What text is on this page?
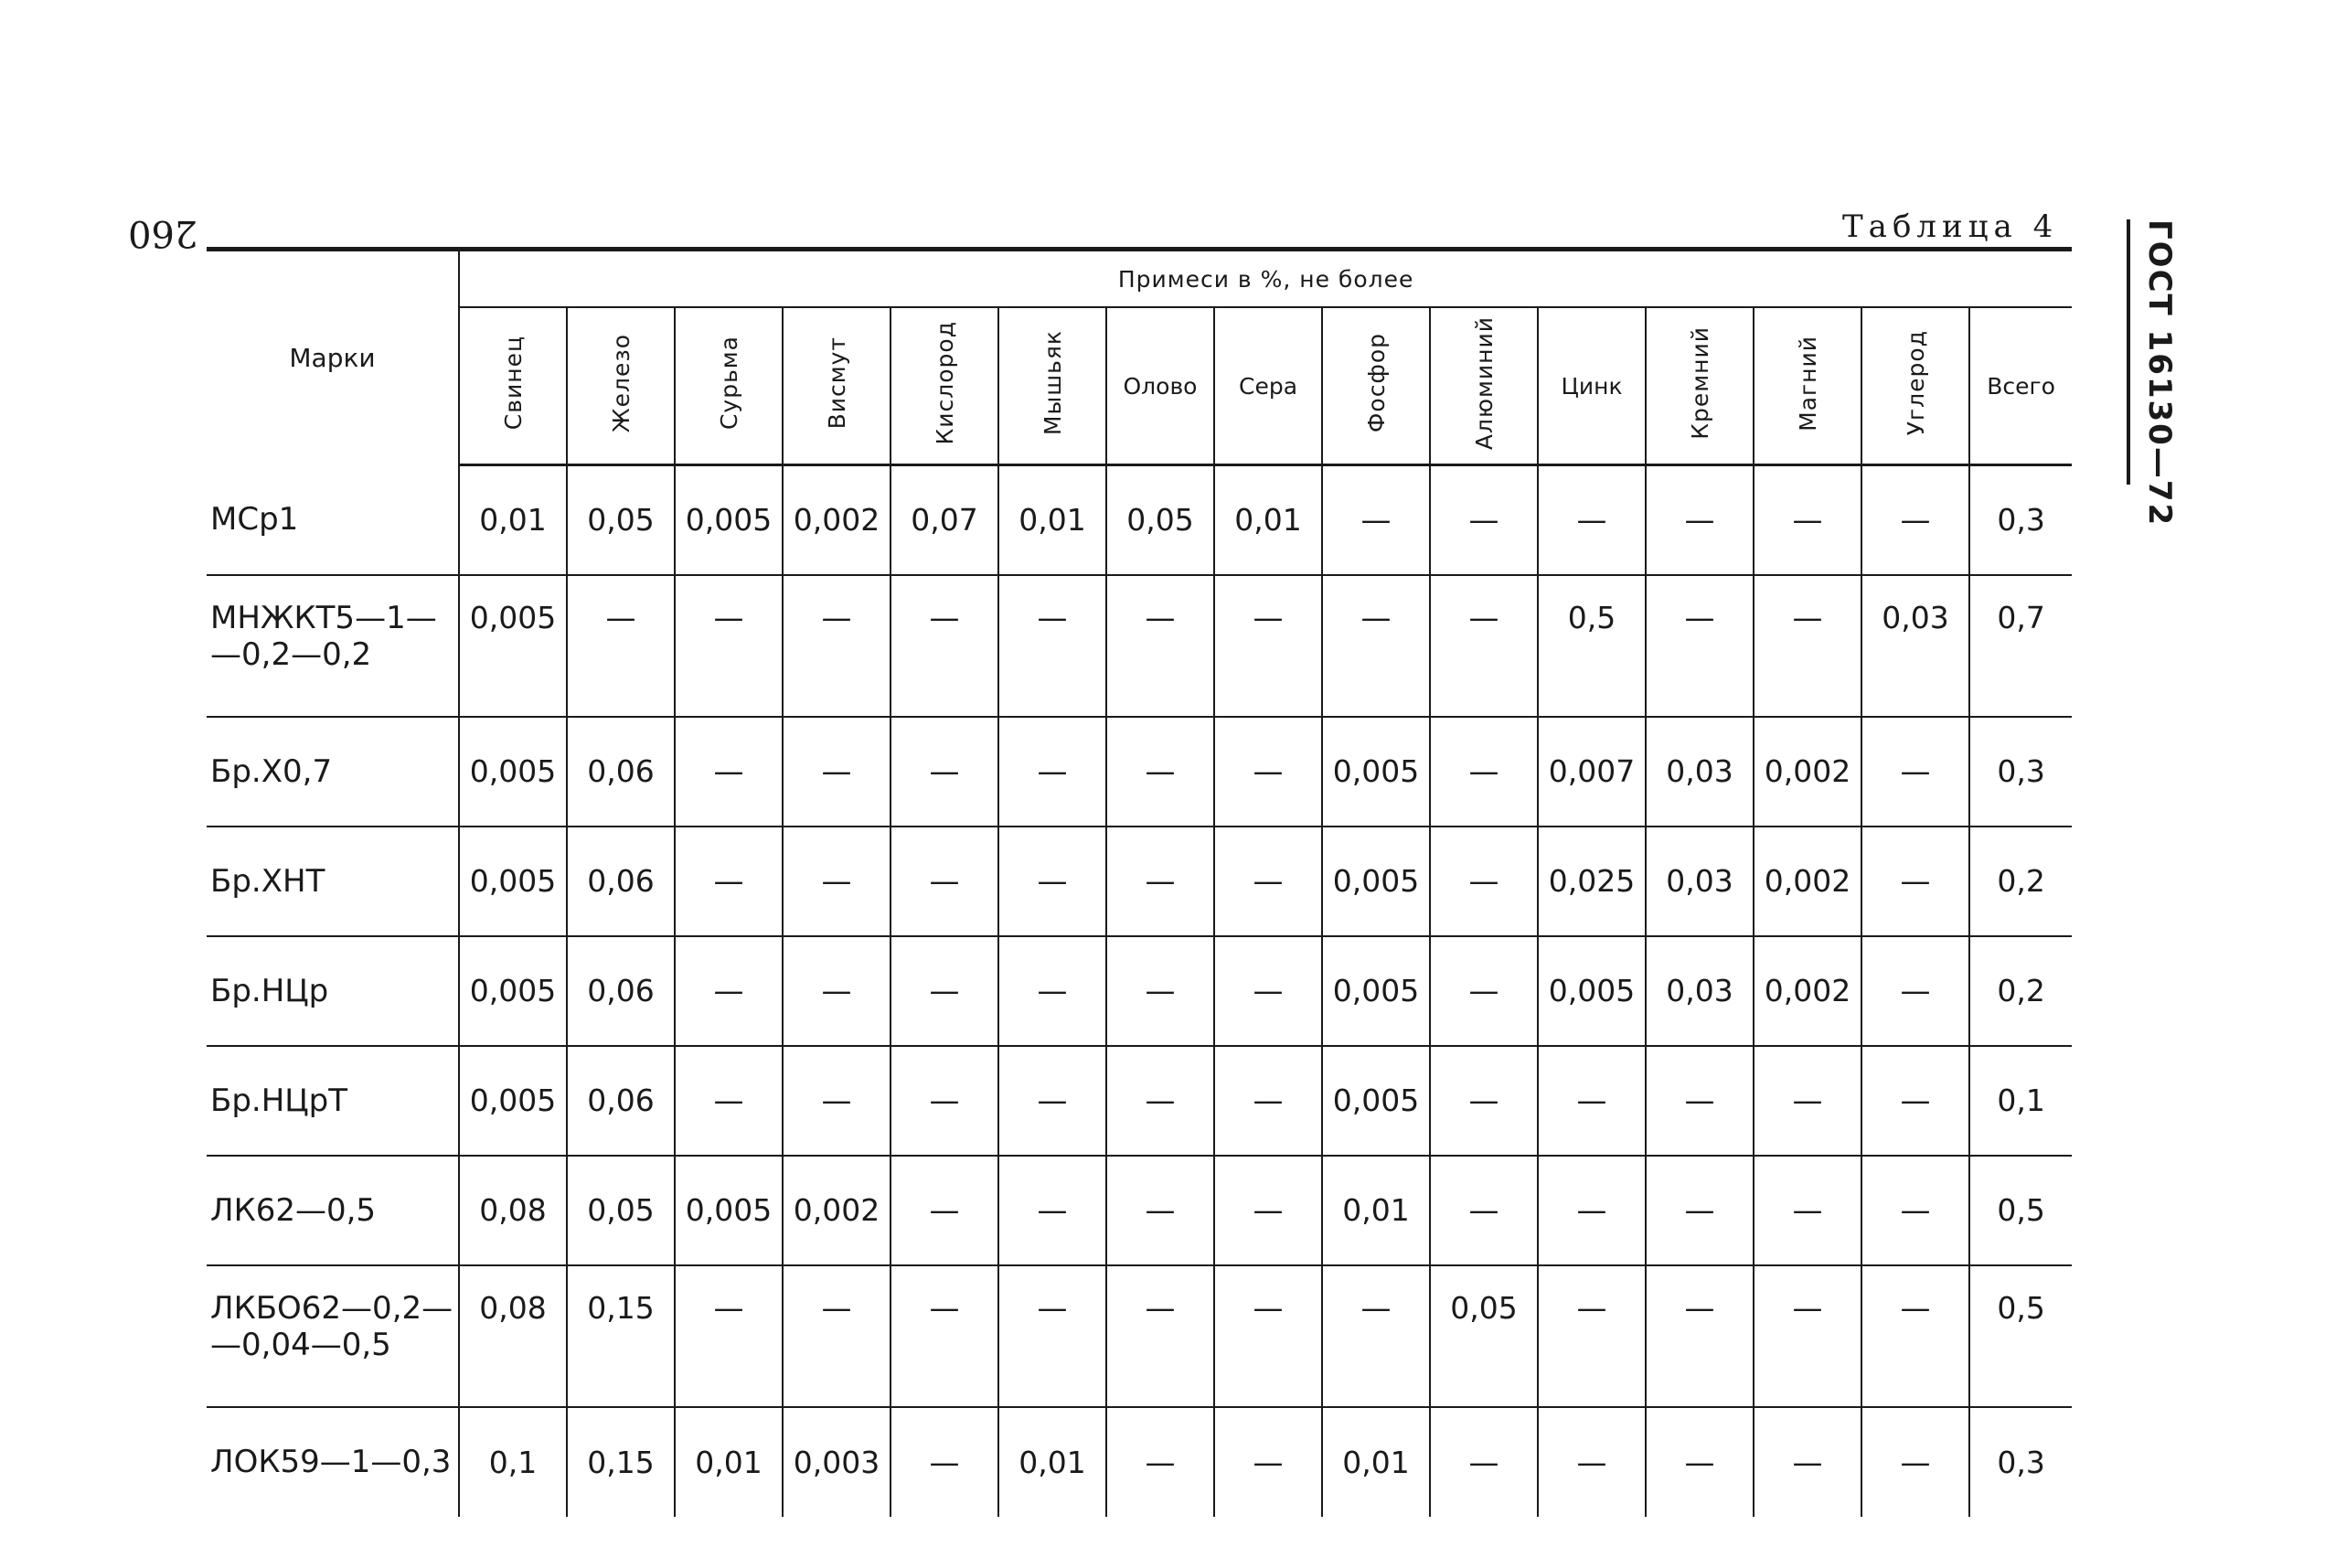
260	ГОСТ 16130—72
Таблица 4
Марки	Примеси в %, не более														
	Свинец	Железо	Сурьма	Висмут	Кислород	Мышьяк	Олово	Сера	Фосфор	Алюминий	Цинк	Кремний	Магний	Углерод	Всего
МСр1	0,01	0,05	0,005	0,002	0,07	0,01	0,05	0,01	—	—	—	—	—	—	0,3
МНЖКТ5—1—
—0,2—0,2	0,005	—	—	—	—	—	—	—	—	—	0,5	—	—	0,03	0,7
Бр.Х0,7	0,005	0,06	—	—	—	—	—	—	0,005	—	0,007	0,03	0,002	—	0,3
Бр.ХНТ	0,005	0,06	—	—	—	—	—	—	0,005	—	0,025	0,03	0,002	—	0,2
Бр.НЦр	0,005	0,06	—	—	—	—	—	—	0,005	—	0,005	0,03	0,002	—	0,2
Бр.НЦрТ	0,005	0,06	—	—	—	—	—	—	0,005	—	—	—	—	—	0,1
ЛК62—0,5	0,08	0,05	0,005	0,002	—	—	—	—	0,01	—	—	—	—	—	0,5
ЛКБО62—0,2—
—0,04—0,5	0,08	0,15	—	—	—	—	—	—	—	0,05	—	—	—	—	0,5
ЛОК59—1—0,3	0,1	0,15	0,01	0,003	—	0,01	—	—	0,01	—	—	—	—	—	0,3
